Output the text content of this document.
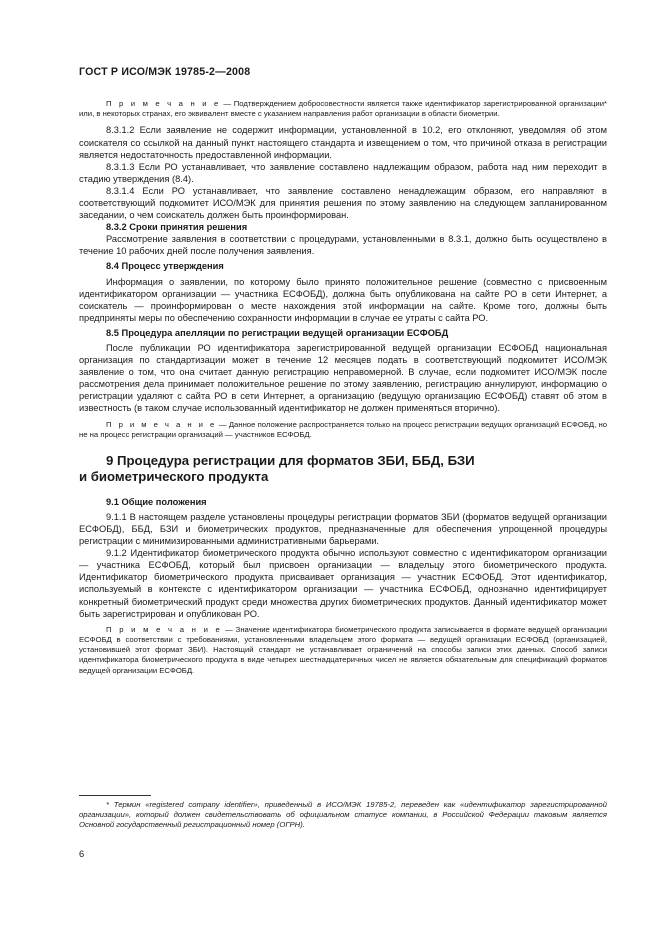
ГОСТ Р ИСО/МЭК 19785-2—2008

П р и м е ч а н и е — Подтверждением добросовестности является также идентификатор зарегистрированной организации* или, в некоторых странах, его эквивалент вместе с указанием направления работ организации в области биометрии.

8.3.1.2 Если заявление не содержит информации, установленной в 10.2, его отклоняют, уведомляя об этом соискателя со ссылкой на данный пункт настоящего стандарта и извещением о том, что причиной отказа в регистрации является недостаточность предоставленной информации.

8.3.1.3 Если РО устанавливает, что заявление составлено надлежащим образом, работа над ним переходит в стадию утверждения (8.4).

8.3.1.4 Если РО устанавливает, что заявление составлено ненадлежащим образом, его направляют в соответствующий подкомитет ИСО/МЭК для принятия решения по этому заявлению на следующем запланированном заседании, о чем соискатель должен быть проинформирован.

8.3.2 Сроки принятия решения

Рассмотрение заявления в соответствии с процедурами, установленными в 8.3.1, должно быть осуществлено в течение 10 рабочих дней после получения заявления.

8.4 Процесс утверждения

Информация о заявлении, по которому было принято положительное решение (совместно с присвоенным идентификатором организации — участника ЕСФОБД), должна быть опубликована на сайте РО в сети Интернет, а соискатель — проинформирован о месте нахождения этой информации на сайте. Кроме того, должны быть предприняты меры по обеспечению сохранности информации в случае ее утраты с сайта РО.

8.5 Процедура апелляции по регистрации ведущей организации ЕСФОБД

После публикации РО идентификатора зарегистрированной ведущей организации ЕСФОБД национальная организация по стандартизации может в течение 12 месяцев подать в соответствующий подкомитет ИСО/МЭК заявление о том, что она считает данную регистрацию неправомерной. В случае, если подкомитет ИСО/МЭК после рассмотрения дела принимает положительное решение по этому заявлению, регистрацию аннулируют, информацию о регистрации удаляют с сайта РО в сети Интернет, а организацию (ведущую организацию ЕСФОБД) ставят об этом в известность (в таком случае использованный идентификатор не должен применяться вторично).

П р и м е ч а н и е — Данное положение распространяется только на процесс регистрации ведущих организаций ЕСФОБД, но не на процесс регистрации организаций — участников ЕСФОБД.

9 Процедура регистрации для форматов ЗБИ, ББД, БЗИ
и биометрического продукта

9.1 Общие положения

9.1.1 В настоящем разделе установлены процедуры регистрации форматов ЗБИ (форматов ведущей организации ЕСФОБД), ББД, БЗИ и биометрических продуктов, предназначенные для обеспечения упрощенной процедуры регистрации с минимизированными административными барьерами.

9.1.2 Идентификатор биометрического продукта обычно используют совместно с идентификатором организации — участника ЕСФОБД, который был присвоен организации — владельцу этого биометрического продукта. Идентификатор биометрического продукта присваивает организация — участник ЕСФОБД. Этот идентификатор, используемый в контексте с идентификатором организации — участника ЕСФОБД, однозначно идентифицирует конкретный биометрический продукт среди множества других биометрических продуктов. Данный идентификатор может быть зарегистрирован и опубликован РО.

П р и м е ч а н и е — Значение идентификатора биометрического продукта записывается в формате ведущей организации ЕСФОБД в соответствии с требованиями, установленными владельцем этого формата — ведущей организации ЕСФОБД (организацией, установившей этот формат ЗБИ). Настоящий стандарт не устанавливает ограничений на способы записи этих данных. Способ записи идентификатора биометрического продукта в виде четырех шестнадцатеричных чисел не является обязательным для спецификаций форматов ведущей организации ЕСФОБД.

* Термин «registered company identifier», приведенный в ИСО/МЭК 19785-2, переведен как «идентификатор зарегистрированной организации», который должен свидетельствовать об официальном статусе компании, в Российской Федерации таковым является Основной государственный регистрационный номер (ОГРН).

6
